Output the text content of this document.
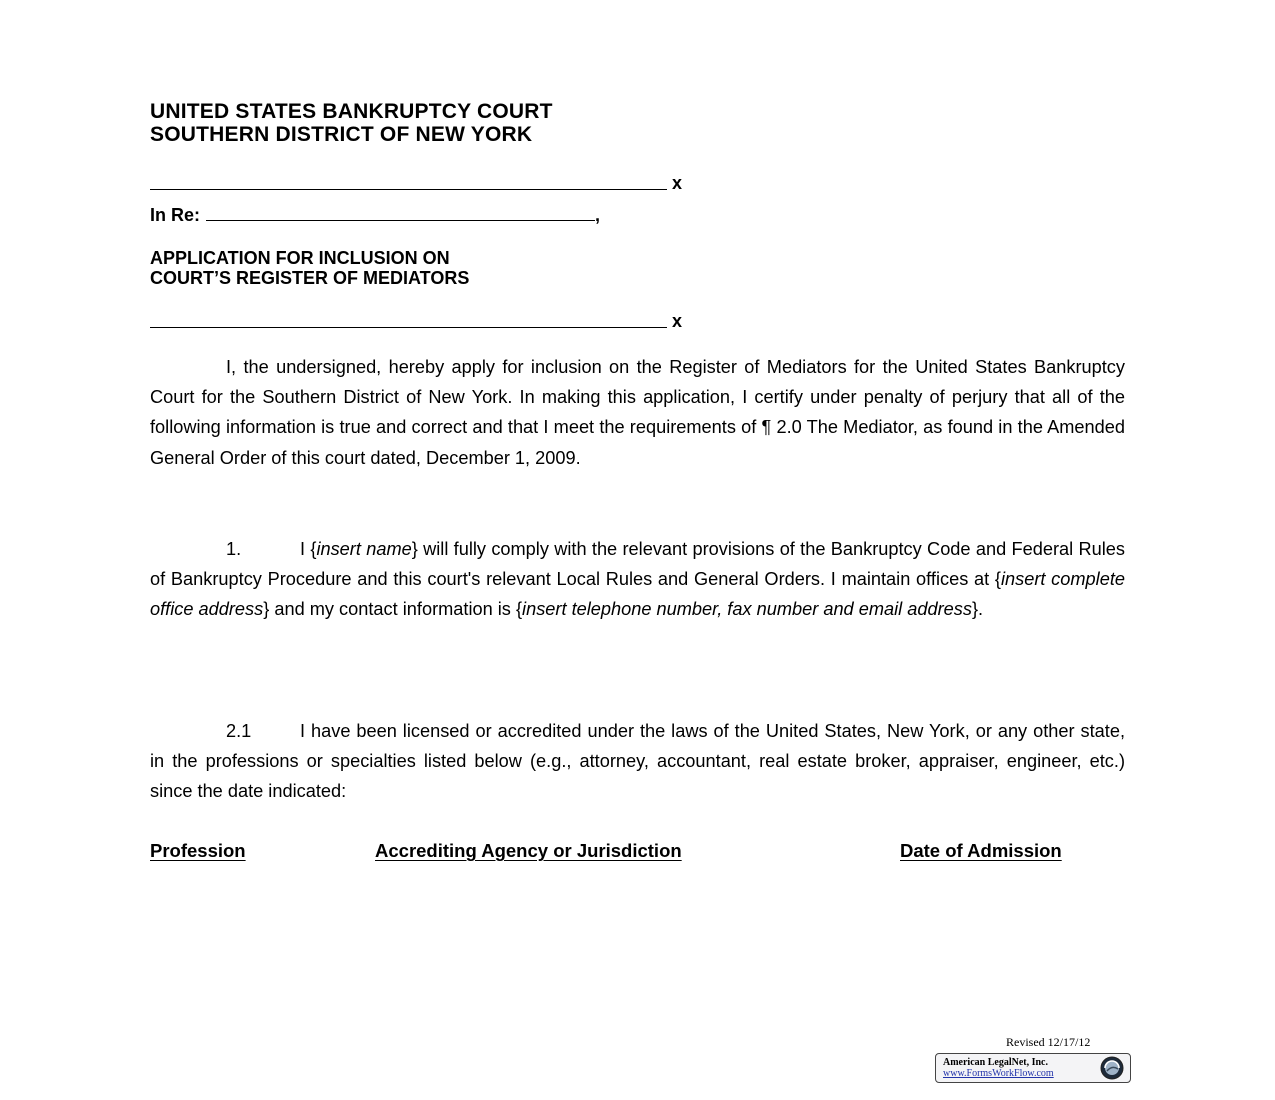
UNITED STATES BANKRUPTCY COURT
SOUTHERN DISTRICT OF NEW YORK
x
In Re:	,
APPLICATION FOR INCLUSION ON
COURT’S REGISTER OF MEDIATORS
x
I, the undersigned, hereby apply for inclusion on the Register of Mediators for the United States Bankruptcy Court for the Southern District of New York. In making this application, I certify under penalty of perjury that all of the following information is true and correct and that I meet the requirements of ¶ 2.0 The Mediator, as found in the Amended General Order of this court dated, December 1, 2009.
1.	I {insert name} will fully comply with the relevant provisions of the Bankruptcy Code and Federal Rules of Bankruptcy Procedure and this court's relevant Local Rules and General Orders. I maintain offices at {insert complete office address} and my contact information is {insert telephone number, fax number and email address}.
2.1	I have been licensed or accredited under the laws of the United States, New York, or any other state, in the professions or specialties listed below (e.g., attorney, accountant, real estate broker, appraiser, engineer, etc.) since the date indicated:
Profession	Accrediting Agency or Jurisdiction	Date of Admission
Revised 12/17/12
American LegalNet, Inc.
www.FormsWorkFlow.com
